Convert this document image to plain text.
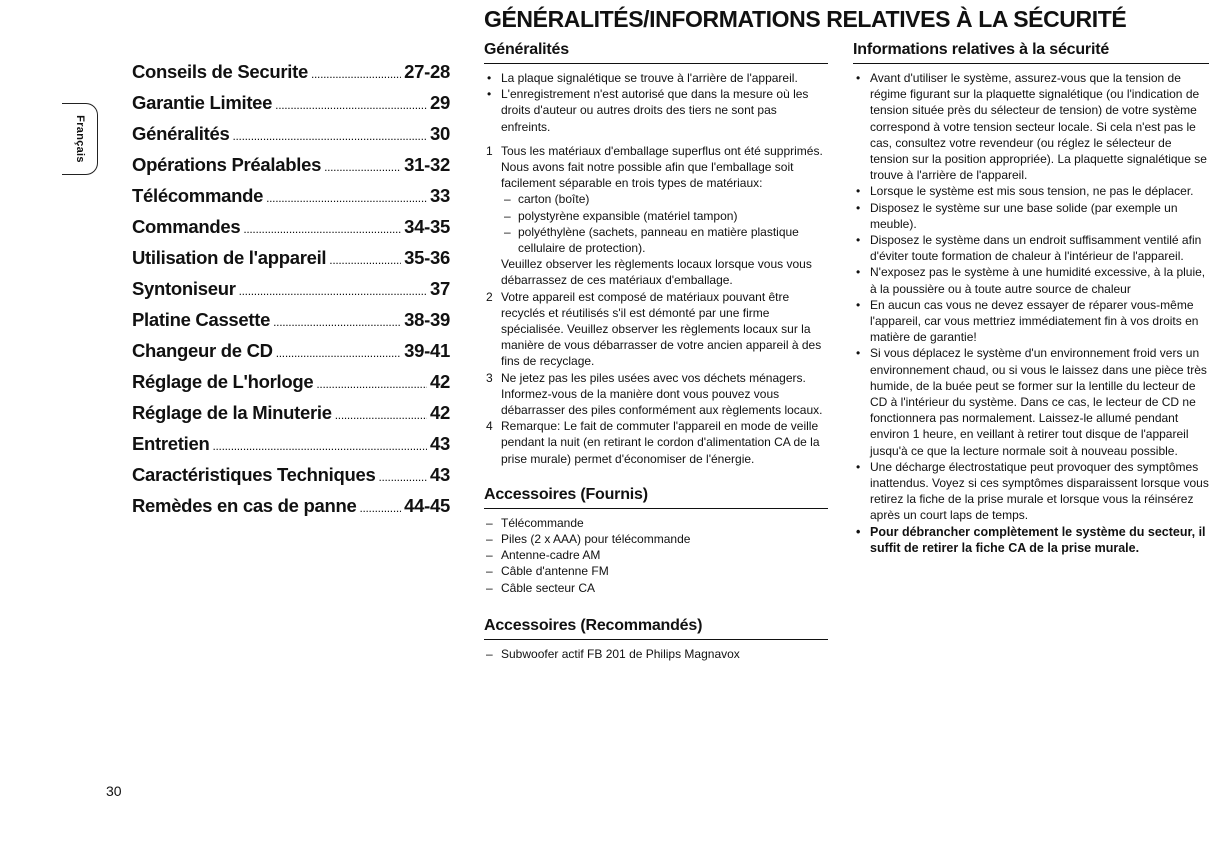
GÉNÉRALITÉS/INFORMATIONS RELATIVES À LA SÉCURITÉ
Français
Conseils de Securite .....	27-28
Garantie Limitee .....	29
Généralités .....	30
Opérations Préalables .....	31-32
Télécommande .....	33
Commandes .....	34-35
Utilisation de l'appareil .....	35-36
Syntoniseur .....	37
Platine Cassette .....	38-39
Changeur de CD .....	39-41
Réglage de L'horloge .....	42
Réglage de la Minuterie .....	42
Entretien .....	43
Caractéristiques Techniques .....	43
Remèdes en cas de panne .....	44-45
30
Généralités
• La plaque signalétique se trouve à l'arrière de l'appareil.
• L'enregistrement n'est autorisé que dans la mesure où les droits d'auteur ou autres droits des tiers ne sont pas enfreints.
1 Tous les matériaux d'emballage superflus ont été supprimés. Nous avons fait notre possible afin que l'emballage soit facilement séparable en trois types de matériaux:
– carton (boîte)
– polystyrène expansible (matériel tampon)
– polyéthylène (sachets, panneau en matière plastique cellulaire de protection).
Veuillez observer les règlements locaux lorsque vous vous débarrassez de ces matériaux d'emballage.
2 Votre appareil est composé de matériaux pouvant être recyclés et réutilisés s'il est démonté par une firme spécialisée. Veuillez observer les règlements locaux sur la manière de vous débarrasser de votre ancien appareil à des fins de recyclage.
3 Ne jetez pas les piles usées avec vos déchets ménagers. Informez-vous de la manière dont vous pouvez vous débarrasser des piles conformément aux règlements locaux.
4 Remarque: Le fait de commuter l'appareil en mode de veille pendant la nuit (en retirant le cordon d'alimentation CA de la prise murale) permet d'économiser de l'énergie.
Accessoires (Fournis)
– Télécommande
– Piles (2 x AAA) pour télécommande
– Antenne-cadre AM
– Câble d'antenne FM
– Câble secteur CA
Accessoires (Recommandés)
– Subwoofer actif FB 201 de Philips Magnavox
Informations relatives à la sécurité
• Avant d'utiliser le système, assurez-vous que la tension de régime figurant sur la plaquette signalétique (ou l'indication de tension située près du sélecteur de tension) de votre système correspond à votre tension secteur locale. Si cela n'est pas le cas, consultez votre revendeur (ou réglez le sélecteur de tension sur la position appropriée). La plaquette signalétique se trouve à l'arrière de l'appareil.
• Lorsque le système est mis sous tension, ne pas le déplacer.
• Disposez le système sur une base solide (par exemple un meuble).
• Disposez le système dans un endroit suffisamment ventilé afin d'éviter toute formation de chaleur à l'intérieur de l'appareil.
• N'exposez pas le système à une humidité excessive, à la pluie, à la poussière ou à toute autre source de chaleur
• En aucun cas vous ne devez essayer de réparer vous-même l'appareil, car vous mettriez immédiatement fin à vos droits en matière de garantie!
• Si vous déplacez le système d'un environnement froid vers un environnement chaud, ou si vous le laissez dans une pièce très humide, de la buée peut se former sur la lentille du lecteur de CD à l'intérieur du système. Dans ce cas, le lecteur de CD ne fonctionnera pas normalement. Laissez-le allumé pendant environ 1 heure, en veillant à retirer tout disque de l'appareil jusqu'à ce que la lecture normale soit à nouveau possible.
• Une décharge électrostatique peut provoquer des symptômes inattendus. Voyez si ces symptômes disparaissent lorsque vous retirez la fiche de la prise murale et lorsque vous la réinsérez après un court laps de temps.
• Pour débrancher complètement le système du secteur, il suffit de retirer la fiche CA de la prise murale.
